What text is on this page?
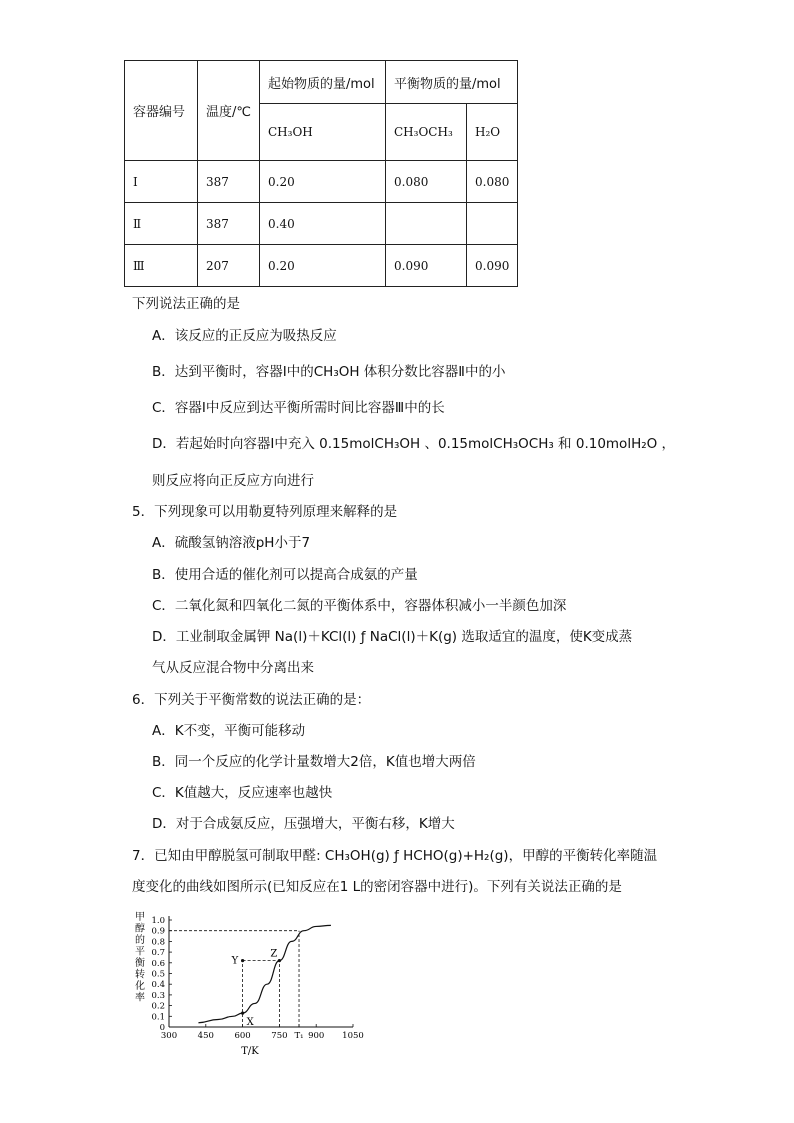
容器编号	温度/℃	起始物质的量/mol	平衡物质的量/mol	
		CH₃OH	CH₃OCH₃	H₂O
Ⅰ	387	0.20	0.080	0.080
Ⅱ	387	0.40		
Ⅲ	207	0.20	0.090	0.090
下列说法正确的是
A．该反应的正反应为吸热反应
B．达到平衡时，容器Ⅰ中的CH₃OH 体积分数比容器Ⅱ中的小
C．容器Ⅰ中反应到达平衡所需时间比容器Ⅲ中的长
D．若起始时向容器Ⅰ中充入 0.15molCH₃OH 、0.15molCH₃OCH₃ 和 0.10molH₂O ，
则反应将向正反应方向进行
5．下列现象可以用勒夏特列原理来解释的是
A．硫酸氢钠溶液pH小于7
B．使用合适的催化剂可以提高合成氨的产量
C．二氧化氮和四氧化二氮的平衡体系中，容器体积减小一半颜色加深
D．工业制取金属钾 Na(l)＋KCl(l) ƒ NaCl(l)＋K(g) 选取适宜的温度，使K变成蒸
气从反应混合物中分离出来
6．下列关于平衡常数的说法正确的是：
A．K不变，平衡可能移动
B．同一个反应的化学计量数增大2倍，K值也增大两倍
C．K值越大，反应速率也越快
D．对于合成氨反应，压强增大，平衡右移，K增大
7．已知由甲醇脱氢可制取甲醛: CH₃OH(g) ƒ HCHO(g)+H₂(g)，甲醇的平衡转化率随温
度变化的曲线如图所示(已知反应在1 L的密闭容器中进行)。下列有关说法正确的是
甲
醇
的
平
衡
转
化
率
0
0.1
0.2
0.3
0.4
0.5
0.6
0.7
0.8
0.9
1.0
300 450 600 750 T₁ 900 1050
X
Y
Z
T/K
